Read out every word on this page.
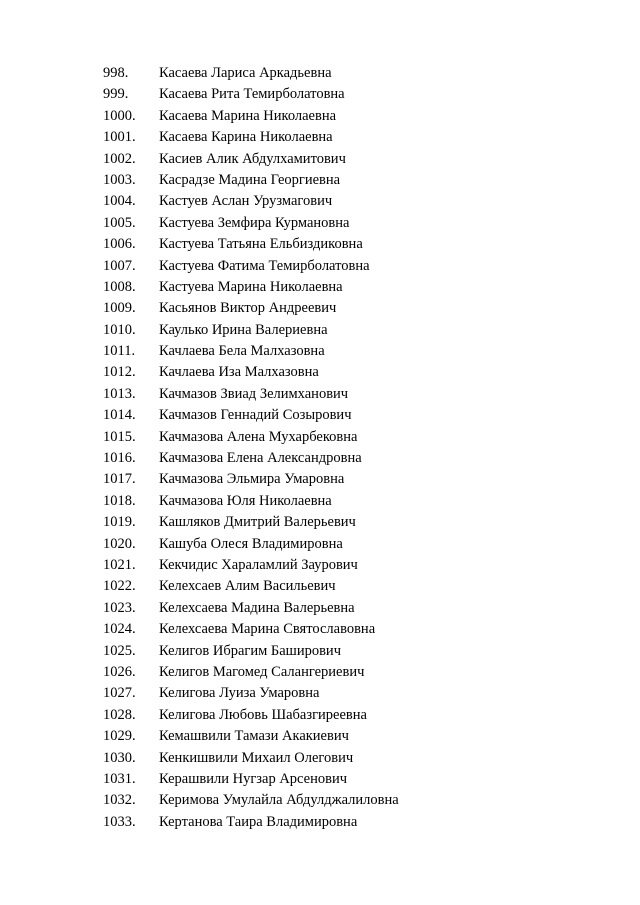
998.	Касаева Лариса Аркадьевна
999.	Касаева Рита Темирболатовна
1000.	Касаева Марина Николаевна
1001.	Касаева Карина Николаевна
1002.	Касиев Алик Абдулхамитович
1003.	Касрадзе Мадина Георгиевна
1004.	Кастуев Аслан Урузмагович
1005.	Кастуева Земфира Курмановна
1006.	Кастуева Татьяна Ельбиздиковна
1007.	Кастуева Фатима Темирболатовна
1008.	Кастуева Марина Николаевна
1009.	Касьянов Виктор Андреевич
1010.	Каулько Ирина Валериевна
1011.	Качлаева Бела Малхазовна
1012.	Качлаева Иза Малхазовна
1013.	Качмазов Звиад Зелимханович
1014.	Качмазов Геннадий Созырович
1015.	Качмазова Алена Мухарбековна
1016.	Качмазова Елена Александровна
1017.	Качмазова Эльмира Умаровна
1018.	Качмазова Юля Николаевна
1019.	Кашляков Дмитрий Валерьевич
1020.	Кашуба Олеся Владимировна
1021.	Кекчидис Хараламлий Заурович
1022.	Келехсаев Алим Васильевич
1023.	Келехсаева Мадина Валерьевна
1024.	Келехсаева Марина Святославовна
1025.	Келигов Ибрагим Баширович
1026.	Келигов Магомед Салангериевич
1027.	Келигова Луиза Умаровна
1028.	Келигова Любовь Шабазгиреевна
1029.	Кемашвили Тамази Акакиевич
1030.	Кенкишвили Михаил Олегович
1031.	Керашвили Нугзар Арсенович
1032.	Керимова Умулайла Абдулджалиловна
1033.	Кертанова Таира Владимировна
